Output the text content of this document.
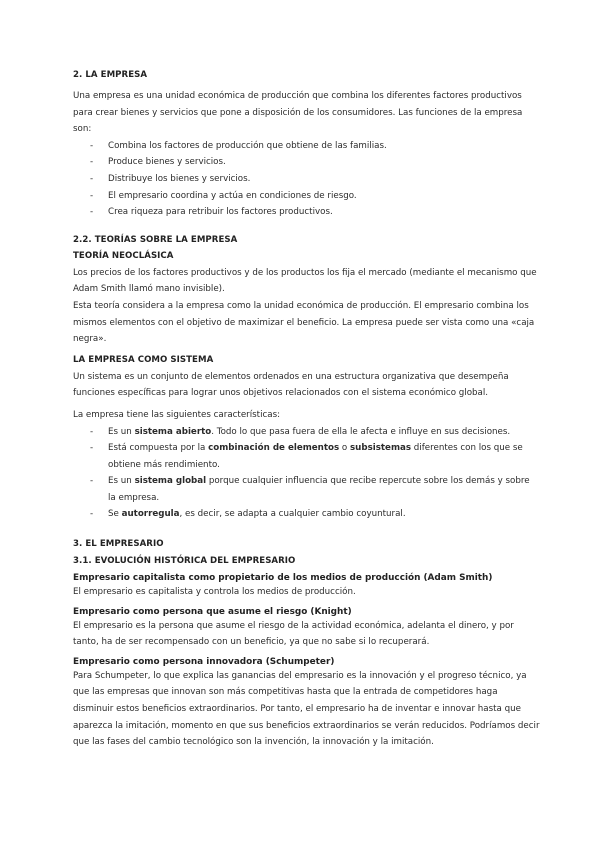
2. LA EMPRESA

Una empresa es una unidad económica de producción que combina los diferentes factores productivos para crear bienes y servicios que pone a disposición de los consumidores. Las funciones de la empresa son:

- Combina los factores de producción que obtiene de las familias.
- Produce bienes y servicios.
- Distribuye los bienes y servicios.
- El empresario coordina y actúa en condiciones de riesgo.
- Crea riqueza para retribuir los factores productivos.
2.2. TEORÍAS SOBRE LA EMPRESA
TEORÍA NEOCLÁSICA

Los precios de los factores productivos y de los productos los fija el mercado (mediante el mecanismo que Adam Smith llamó mano invisible).

Esta teoría considera a la empresa como la unidad económica de producción. El empresario combina los mismos elementos con el objetivo de maximizar el beneficio. La empresa puede ser vista como una «caja negra».

LA EMPRESA COMO SISTEMA

Un sistema es un conjunto de elementos ordenados en una estructura organizativa que desempeña funciones específicas para lograr unos objetivos relacionados con el sistema económico global.

La empresa tiene las siguientes características:

- Es un sistema abierto. Todo lo que pasa fuera de ella le afecta e influye en sus decisiones.
- Está compuesta por la combinación de elementos o subsistemas diferentes con los que se obtiene más rendimiento.
- Es un sistema global porque cualquier influencia que recibe repercute sobre los demás y sobre la empresa.
- Se autorregula, es decir, se adapta a cualquier cambio coyuntural.
3. EL EMPRESARIO
3.1. EVOLUCIÓN HISTÓRICA DEL EMPRESARIO
Empresario capitalista como propietario de los medios de producción (Adam Smith)

El empresario es capitalista y controla los medios de producción.

Empresario como persona que asume el riesgo (Knight)

El empresario es la persona que asume el riesgo de la actividad económica, adelanta el dinero, y por tanto, ha de ser recompensado con un beneficio, ya que no sabe si lo recuperará.

Empresario como persona innovadora (Schumpeter)

Para Schumpeter, lo que explica las ganancias del empresario es la innovación y el progreso técnico, ya que las empresas que innovan son más competitivas hasta que la entrada de competidores haga disminuir estos beneficios extraordinarios. Por tanto, el empresario ha de inventar e innovar hasta que aparezca la imitación, momento en que sus beneficios extraordinarios se verán reducidos. Podríamos decir que las fases del cambio tecnológico son la invención, la innovación y la imitación.
